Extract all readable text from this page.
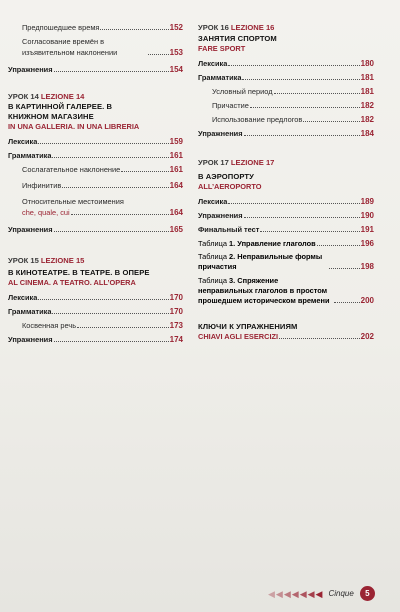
Предпошедшее время	152
Согласование времён в изъявительном наклонении	153
Упражнения	154
УРОК 14 LEZIONE 14
В КАРТИННОЙ ГАЛЕРЕЕ. В КНИЖНОМ МАГАЗИНЕ
IN UNA GALLERIA. IN UNA LIBRERIA
Лексика	159
Грамматика	161
Сослагательное наклонение	161
Инфинитив	164
Относительные местоимения
che, quale, cui	164
Упражнения	165
УРОК 15 LEZIONE 15
В КИНОТЕАТРЕ. В ТЕАТРЕ. В ОПЕРЕ
AL CINEMA. A TEATRO. ALL’OPERA
Лексика	170
Грамматика	170
Косвенная речь	173
Упражнения	174
УРОК 16 LEZIONE 16
ЗАНЯТИЯ СПОРТОМ
FARE SPORT
Лексика	180
Грамматика	181
Условный период	181
Причастие	182
Использование предлогов	182
Упражнения	184
УРОК 17 LEZIONE 17
В АЭРОПОРТУ
ALL’AEROPORTO
Лексика	189
Упражнения	190
Финальный тест	191
Таблица 1. Управление глаголов	196
Таблица 2. Неправильные формы причастия	198
Таблица 3. Спряжение неправильных глаголов в простом прошедшем историческом времени	200
КЛЮЧИ К УПРАЖНЕНИЯМ
CHIAVI AGLI ESERCIZI	202
◀ ◀ ◀ ◀ ◀ ◀ ◀ Cinque	5
